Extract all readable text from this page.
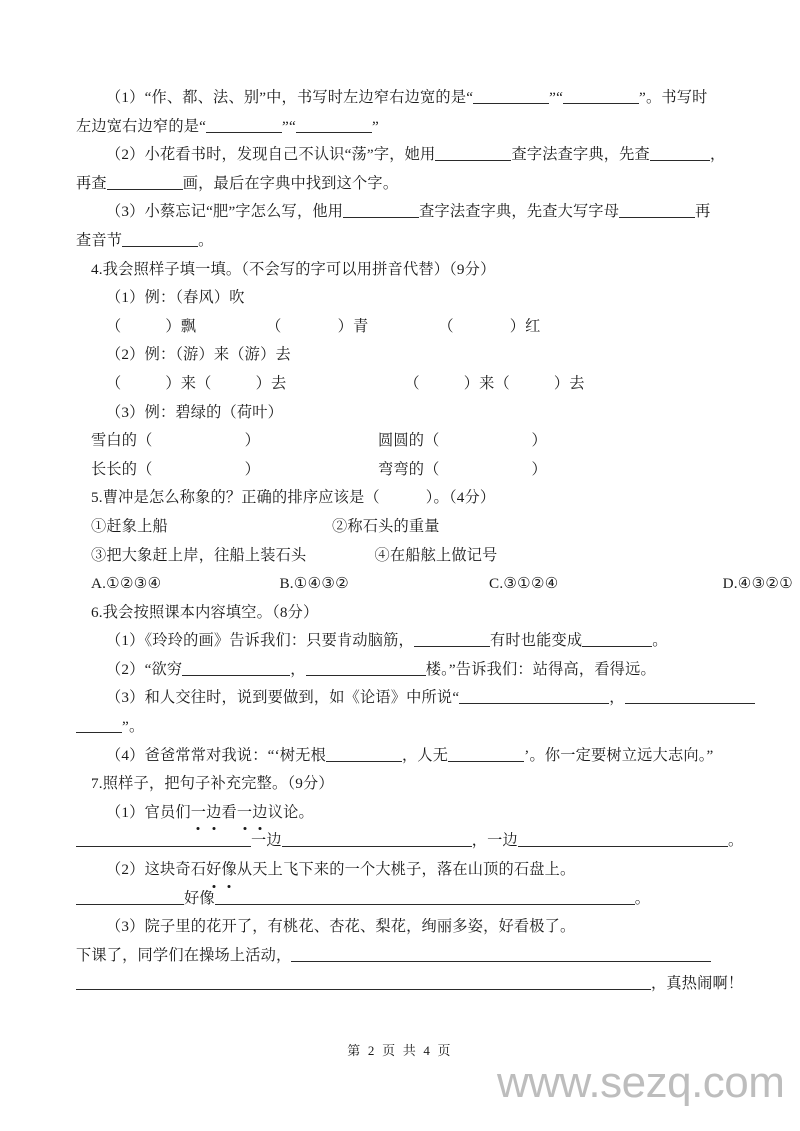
（1）“作、都、法、别”中，书写时左边窄右边宽的是“	”“	”。书写时
左边宽右边窄的是“	”“	”
（2）小花看书时，发现自己不认识“荡”字，她用	查字法查字典，先查	，
再查	画，最后在字典中找到这个字。
（3）小蔡忘记“肥”字怎么写，他用	查字法查字典，先查大写字母	再
查音节	。
4.我会照样子填一填。（不会写的字可以用拼音代替）（9分）
（1）例：（春风）吹
（	）飘	（	）青	（	）红
（2）例：（游）来（游）去
（	）来（	）去	（	）来（	）去
（3）例：碧绿的（荷叶）
雪白的（	）	圆圆的（	）
长长的（	）	弯弯的（	）
5.曹冲是怎么称象的？正确的排序应该是（	）。（4分）
①赶象上船	②称石头的重量
③把大象赶上岸，往船上装石头	④在船舷上做记号
A.①②③④	B.①④③②	C.③①②④	D.④③②①
6.我会按照课本内容填空。（8分）
（1）《玲玲的画》告诉我们：只要肯动脑筋，	有时也能变成	。
（2）“欲穷	，	楼。”告诉我们：站得高，看得远。
（3）和人交往时，说到要做到，如《论语》中所说“	，
”。
（4）爸爸常常对我说：“‘树无根	，人无	’。你一定要树立远大志向。”
7.照样子，把句子补充完整。（9分）
（1）官员们一边看一边议论。
一边	，一边	。
（2）这块奇石好像从天上飞下来的一个大桃子，落在山顶的石盘上。
好像	。
（3）院子里的花开了，有桃花、杏花、梨花，绚丽多姿，好看极了。
下课了，同学们在操场上活动，
，真热闹啊！
第 2 页 共 4 页
www.sezq.com
